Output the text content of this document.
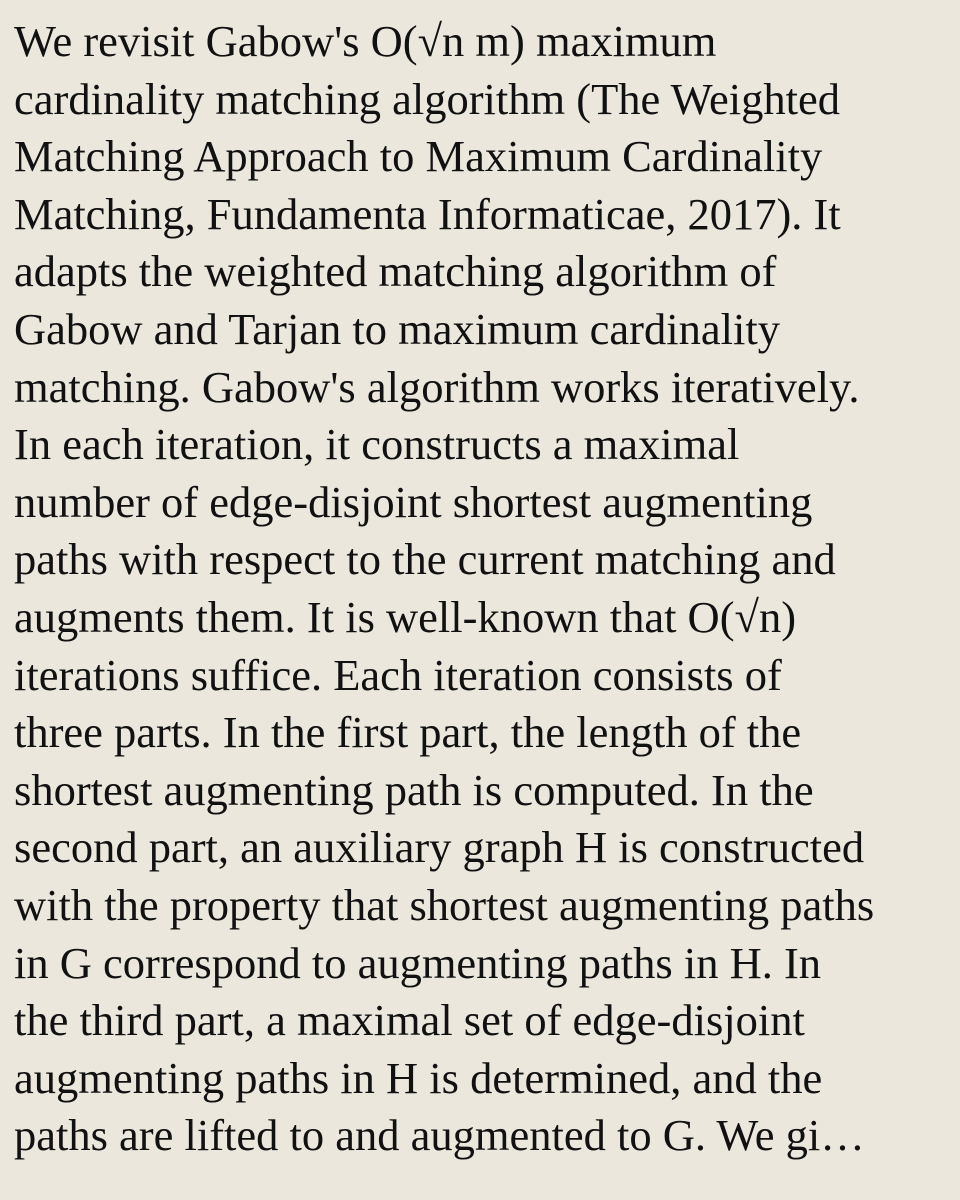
We revisit Gabow's O(√n m) maximum
cardinality matching algorithm (The Weighted
Matching Approach to Maximum Cardinality
Matching, Fundamenta Informaticae, 2017). It
adapts the weighted matching algorithm of
Gabow and Tarjan to maximum cardinality
matching. Gabow's algorithm works iteratively.
In each iteration, it constructs a maximal
number of edge-disjoint shortest augmenting
paths with respect to the current matching and
augments them. It is well-known that O(√n)
iterations suffice. Each iteration consists of
three parts. In the first part, the length of the
shortest augmenting path is computed. In the
second part, an auxiliary graph H is constructed
with the property that shortest augmenting paths
in G correspond to augmenting paths in H. In
the third part, a maximal set of edge-disjoint
augmenting paths in H is determined, and the
paths are lifted to and augmented to G. We gi…
